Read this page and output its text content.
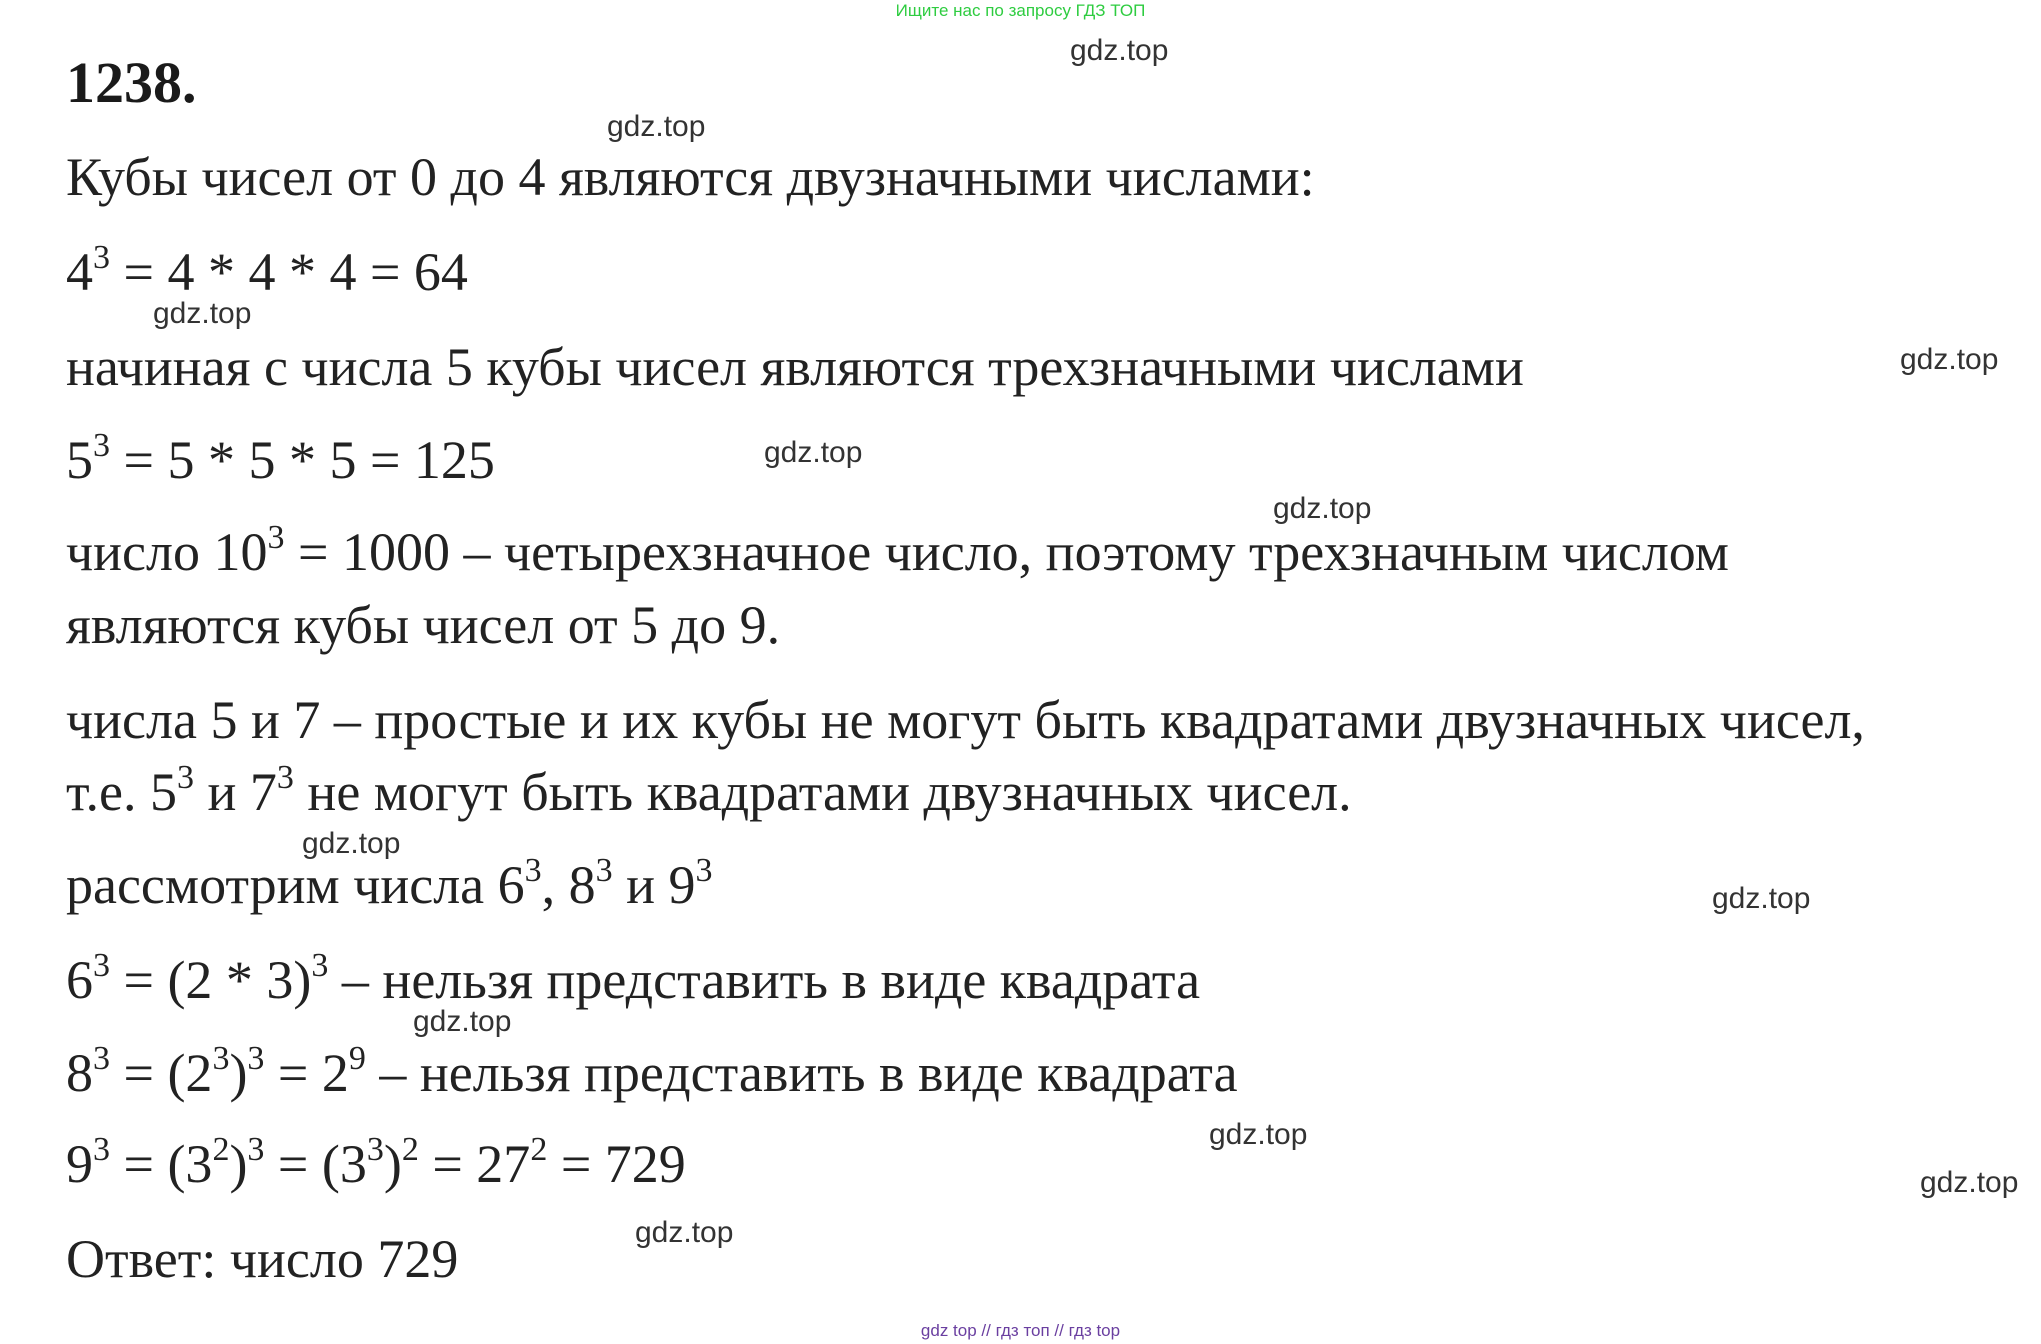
Ищите нас по запросу ГДЗ ТОП
1238.
Кубы чисел от 0 до 4 являются двузначными числами:
$4^3 = 4 * 4 * 4 = 64$
начиная с числа 5 кубы чисел являются трехзначными числами
$5^3 = 5 * 5 * 5 = 125$
число $10^3 = 1000$ – четырехзначное число, поэтому трехзначным числом
являются кубы чисел от 5 до 9.
числа 5 и 7 – простые и их кубы не могут быть квадратами двузначных чисел,
т.е. $5^3$ и $7^3$ не могут быть квадратами двузначных чисел.
рассмотрим числа $6^3$, $8^3$ и $9^3$
$6^3 = (2 * 3)^3$ – нельзя представить в виде квадрата
$8^3 = (2^3)^3 = 2^9$ – нельзя представить в виде квадрата
$9^3 = (3^2)^3 = (3^3)^2 = 27^2 = 729$
Ответ: число 729
gdz.top
gdz.top
gdz.top
gdz.top
gdz.top
gdz.top
gdz.top
gdz.top
gdz.top
gdz.top
gdz.top
gdz.top
gdz top // гдз топ // гдз top
